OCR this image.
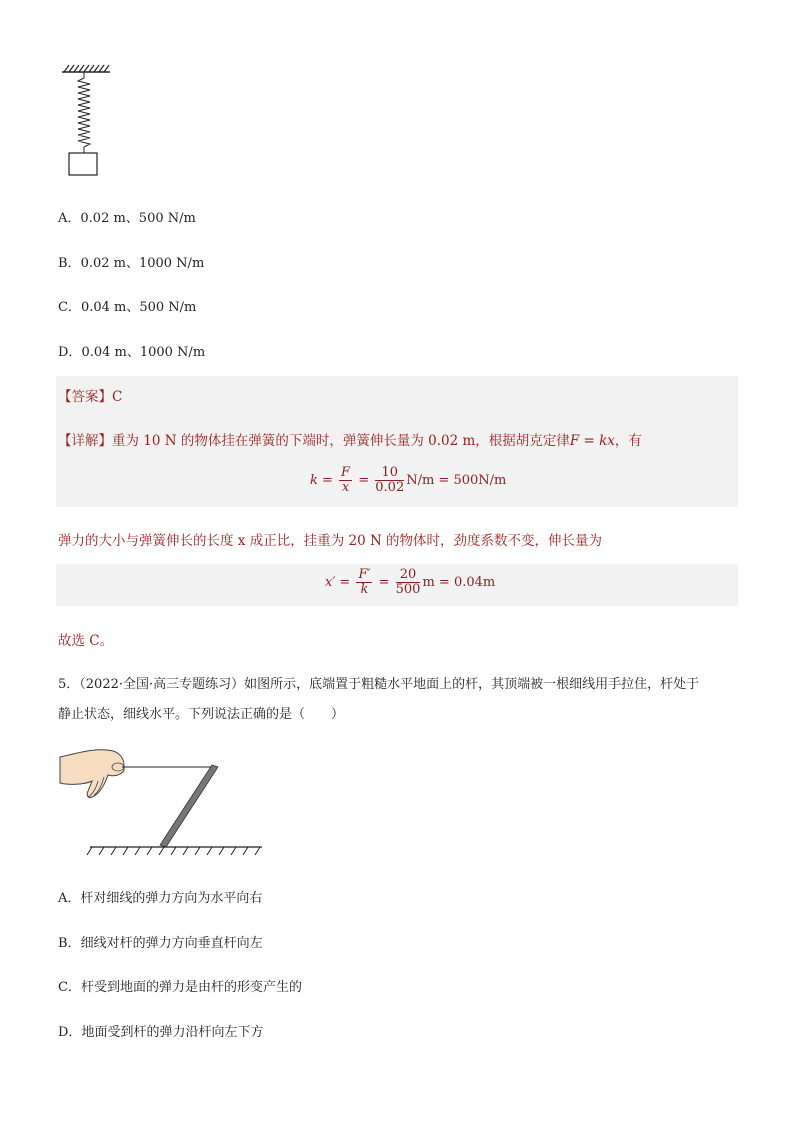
A．0.02 m、500 N/m
B．0.02 m、1000 N/m
C．0.04 m、500 N/m
D．0.04 m、1000 N/m
【答案】C
【详解】重为 10 N 的物体挂在弹簧的下端时，弹簧伸长量为 0.02 m，根据胡克定律F = kx，有
$k = \frac{F}{x} = \frac{10}{0.02} N/m = 500N/m$
弹力的大小与弹簧伸长的长度 x 成正比，挂重为 20 N 的物体时，劲度系数不变，伸长量为
$x' = \frac{F'}{k} = \frac{20}{500}$ m = 0.04m
故选 C。
5．（2022·全国·高三专题练习）如图所示，底端置于粗糙水平地面上的杆，其顶端被一根细线用手拉住，杆处于
静止状态，细线水平。下列说法正确的是（　　）
A．杆对细线的弹力方向为水平向右
B．细线对杆的弹力方向垂直杆向左
C．杆受到地面的弹力是由杆的形变产生的
D．地面受到杆的弹力沿杆向左下方
